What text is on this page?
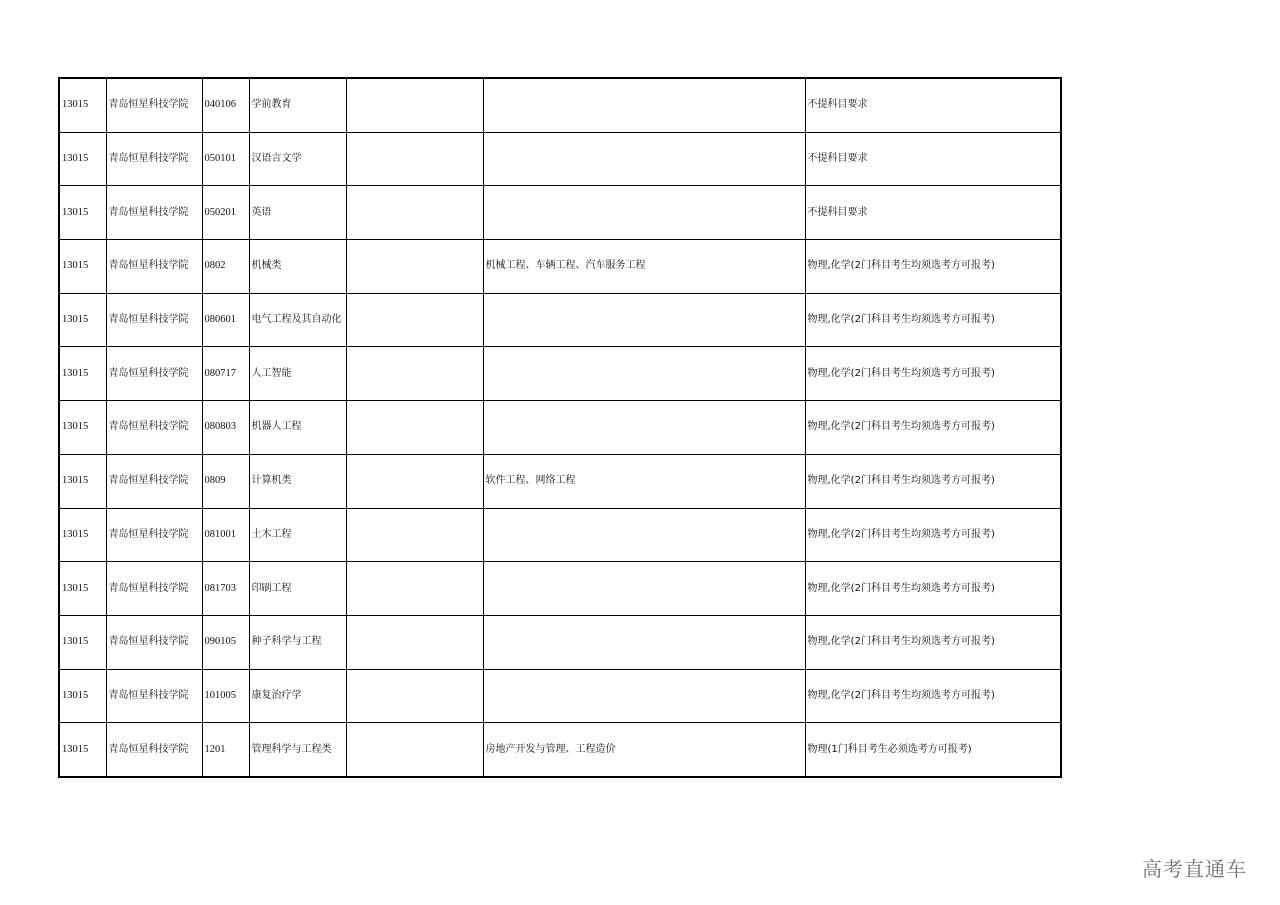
13015	青岛恒星科技学院	040106	学前教育			不提科目要求
13015	青岛恒星科技学院	050101	汉语言文学			不提科目要求
13015	青岛恒星科技学院	050201	英语			不提科目要求
13015	青岛恒星科技学院	0802	机械类		机械工程、车辆工程、汽车服务工程	物理,化学(2门科目考生均须选考方可报考)
13015	青岛恒星科技学院	080601	电气工程及其自动化			物理,化学(2门科目考生均须选考方可报考)
13015	青岛恒星科技学院	080717	人工智能			物理,化学(2门科目考生均须选考方可报考)
13015	青岛恒星科技学院	080803	机器人工程			物理,化学(2门科目考生均须选考方可报考)
13015	青岛恒星科技学院	0809	计算机类		软件工程、网络工程	物理,化学(2门科目考生均须选考方可报考)
13015	青岛恒星科技学院	081001	土木工程			物理,化学(2门科目考生均须选考方可报考)
13015	青岛恒星科技学院	081703	印刷工程			物理,化学(2门科目考生均须选考方可报考)
13015	青岛恒星科技学院	090105	种子科学与工程			物理,化学(2门科目考生均须选考方可报考)
13015	青岛恒星科技学院	101005	康复治疗学			物理,化学(2门科目考生均须选考方可报考)
13015	青岛恒星科技学院	1201	管理科学与工程类		房地产开发与管理、工程造价	物理(1门科目考生必须选考方可报考)
高考直通车
